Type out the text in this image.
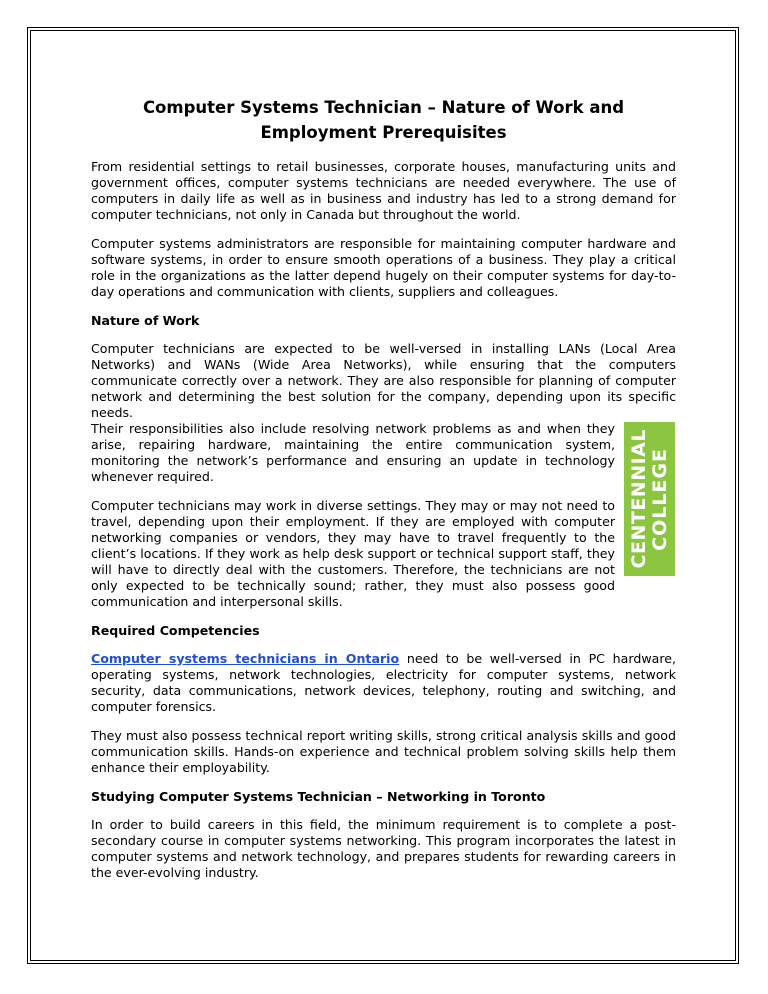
CENTENNIAL COLLEGE
Computer Systems Technician – Nature of Work and Employment Prerequisites

From residential settings to retail businesses, corporate houses, manufacturing units and government offices, computer systems technicians are needed everywhere. The use of computers in daily life as well as in business and industry has led to a strong demand for computer technicians, not only in Canada but throughout the world.

Computer systems administrators are responsible for maintaining computer hardware and software systems, in order to ensure smooth operations of a business. They play a critical role in the organizations as the latter depend hugely on their computer systems for day-to-day operations and communication with clients, suppliers and colleagues.

Nature of Work

Computer technicians are expected to be well-versed in installing LANs (Local Area Networks) and WANs (Wide Area Networks), while ensuring that the computers communicate correctly over a network. They are also responsible for planning of computer network and determining the best solution for the company, depending upon its specific needs.

Their responsibilities also include resolving network problems as and when they arise, repairing hardware, maintaining the entire communication system, monitoring the network’s performance and ensuring an update in technology whenever required.

Computer technicians may work in diverse settings. They may or may not need to travel, depending upon their employment. If they are employed with computer networking companies or vendors, they may have to travel frequently to the client’s locations. If they work as help desk support or technical support staff, they will have to directly deal with the customers. Therefore, the technicians are not only expected to be technically sound; rather, they must also possess good communication and interpersonal skills.

Required Competencies

Computer systems technicians in Ontario need to be well-versed in PC hardware, operating systems, network technologies, electricity for computer systems, network security, data communications, network devices, telephony, routing and switching, and computer forensics.

They must also possess technical report writing skills, strong critical analysis skills and good communication skills. Hands-on experience and technical problem solving skills help them enhance their employability.

Studying Computer Systems Technician – Networking in Toronto

In order to build careers in this field, the minimum requirement is to complete a post-secondary course in computer systems networking. This program incorporates the latest in computer systems and network technology, and prepares students for rewarding careers in the ever-evolving industry.
